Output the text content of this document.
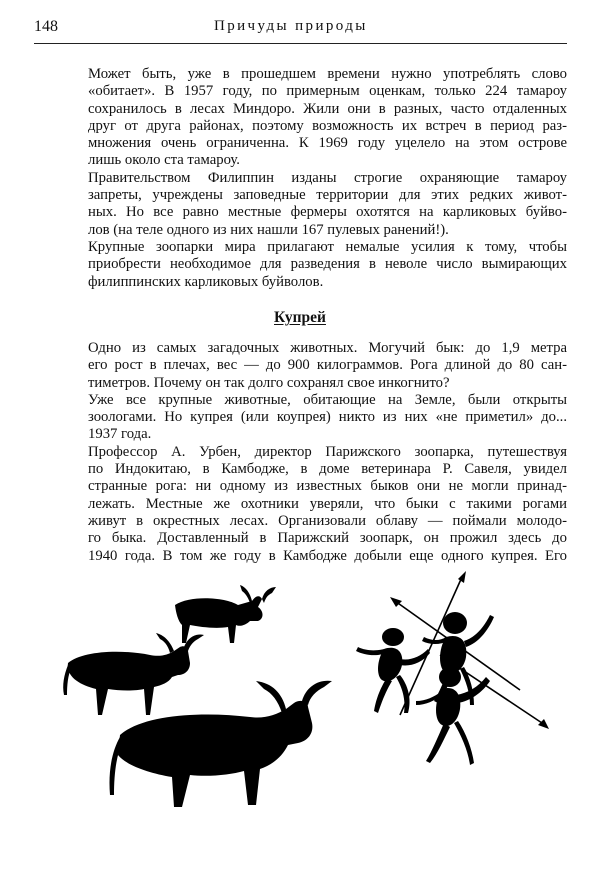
148	Причуды природы

Может быть, уже в прошедшем времени нужно употреблять слово
«обитает». В 1957 году, по примерным оценкам, только 224 тамароу
сохранилось в лесах Миндоро. Жили они в разных, часто отдаленных
друг от друга районах, поэтому возможность их встреч в период раз-
множения очень ограниченна. К 1969 году уцелело на этом острове
лишь около ста тамароу.

Правительством Филиппин изданы строгие охраняющие тамароу
запреты, учреждены заповедные территории для этих редких живот-
ных. Но все равно местные фермеры охотятся на карликовых буйво-
лов (на теле одного из них нашли 167 пулевых ранений!).

Крупные зоопарки мира прилагают немалые усилия к тому, чтобы
приобрести необходимое для разведения в неволе число вымирающих
филиппинских карликовых буйволов.

Купрей

Одно из самых загадочных животных. Могучий бык: до 1,9 метра
его рост в плечах, вес — до 900 килограммов. Рога длиной до 80 сан-
тиметров. Почему он так долго сохранял свое инкогнито?

Уже все крупные животные, обитающие на Земле, были открыты
зоологами. Но купрея (или коупрея) никто из них «не приметил» до...
1937 года.

Профессор А. Урбен, директор Парижского зоопарка, путешествуя
по Индокитаю, в Камбодже, в доме ветеринара Р. Савеля, увидел
странные рога: ни одному из известных быков они не могли принад-
лежать. Местные же охотники уверяли, что быки с такими рогами
живут в окрестных лесах. Организовали облаву — поймали молодо-
го быка. Доставленный в Парижский зоопарк, он прожил здесь до
1940 года. В том же году в Камбодже добыли еще одного купрея. Его
